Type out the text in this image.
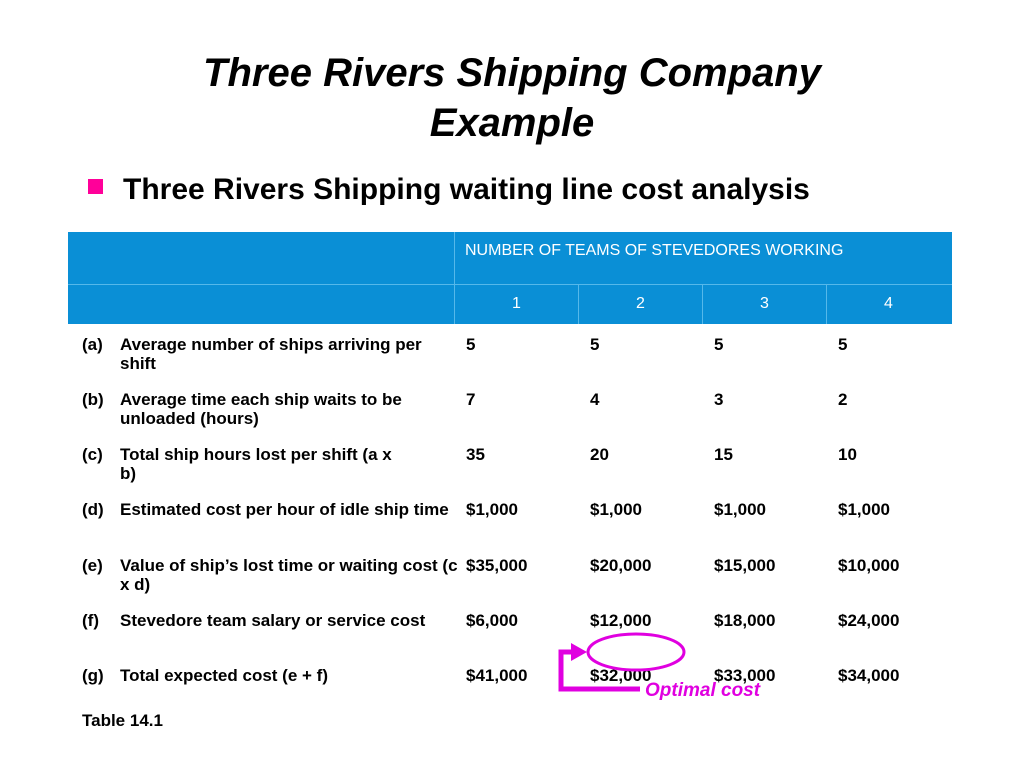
Three Rivers Shipping Company
Example
Three Rivers Shipping waiting line cost analysis
NUMBER OF TEAMS OF STEVEDORES WORKING
1	2	3	4
(a) Average number of ships arriving per shift
5	5	5	5
(b) Average time each ship waits to be unloaded (hours)
7	4	3	2
(c) Total ship hours lost per shift (a x b)
35	20	15	10
(d) Estimated cost per hour of idle ship time	$1,000	$1,000	$1,000	$1,000
(e) Value of ship’s lost time or waiting cost (c x d)
$35,000	$20,000	$15,000	$10,000
(f) Stevedore team salary or service cost	$6,000	$12,000	$18,000	$24,000
(g) Total expected cost (e + f)	$41,000	$32,000	$33,000	$34,000
Table 14.1
Optimal cost
